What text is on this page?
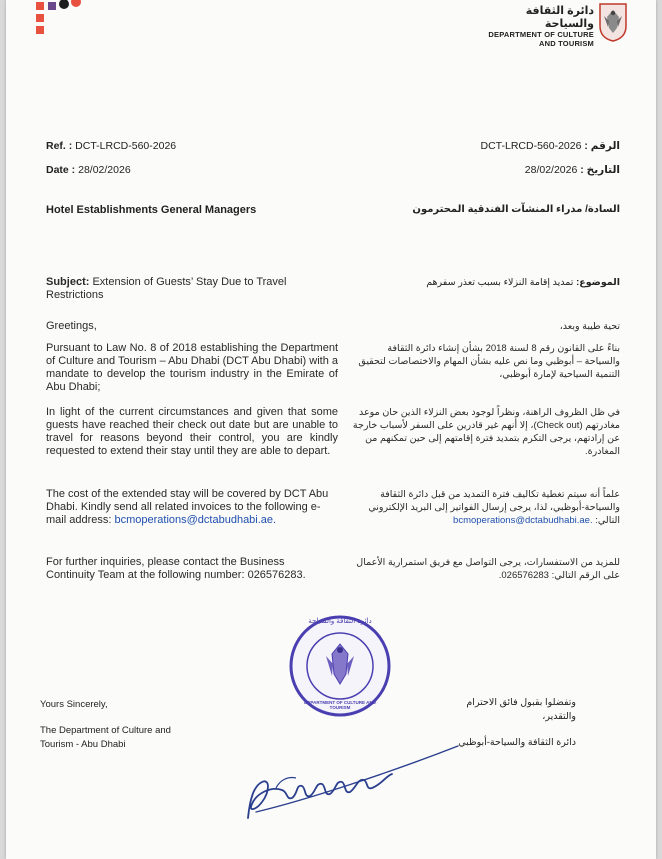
دائرة الثقافة والسياحة
DEPARTMENT OF CULTURE
AND TOURISM
Ref. : DCT-LRCD-560-2026
Date : 28/02/2026
الرقم : DCT-LRCD-560-2026
التاريخ : 28/02/2026
Hotel Establishments General Managers	السادة/ مدراء المنشآت الفندقية المحترمون
Subject: Extension of Guests’ Stay Due to Travel Restrictions
الموضوع: تمديد إقامة النزلاء بسبب تعذر سفرهم
Greetings,	تحية طيبة وبعد،
Pursuant to Law No. 8 of 2018 establishing the Department of Culture and Tourism – Abu Dhabi (DCT Abu Dhabi) with a mandate to develop the tourism industry in the Emirate of Abu Dhabi;
بناءً على القانون رقم 8 لسنة 2018 بشأن إنشاء دائرة الثقافة والسياحة – أبوظبي وما نص عليه بشأن المهام والاختصاصات لتحقيق التنمية السياحية لإمارة أبوظبي،
In light of the current circumstances and given that some guests have reached their check out date but are unable to travel for reasons beyond their control, you are kindly requested to extend their stay until they are able to depart.
في ظل الظروف الراهنة، ونظراً لوجود بعض النزلاء الذين حان موعد مغادرتهم (Check out)، إلا أنهم غير قادرين على السفر لأسباب خارجة عن إرادتهم، يرجى التكرم بتمديد فترة إقامتهم إلى حين تمكنهم من المغادرة.
The cost of the extended stay will be covered by DCT Abu Dhabi. Kindly send all related invoices to the following e-mail address: bcmoperations@dctabudhabi.ae.
علماً أنه سيتم تغطية تكاليف فترة التمديد من قبل دائرة الثقافة والسياحة-أبوظبي، لذا، يرجى إرسال الفواتير إلى البريد الإلكتروني التالي: bcmoperations@dctabudhabi.ae.
For further inquiries, please contact the Business Continuity Team at the following number: 026576283.
للمزيد من الاستفسارات، يرجى التواصل مع فريق استمرارية الأعمال على الرقم التالي: 026576283.
دائرة الثقافة والسياحة
DEPARTMENT OF CULTURE AND TOURISM
Yours Sincerely,
The Department of Culture and
Tourism - Abu Dhabi
وتفضلوا بقبول فائق الاحترام
والتقدير،
دائرة الثقافة والسياحة-أبوظبي
